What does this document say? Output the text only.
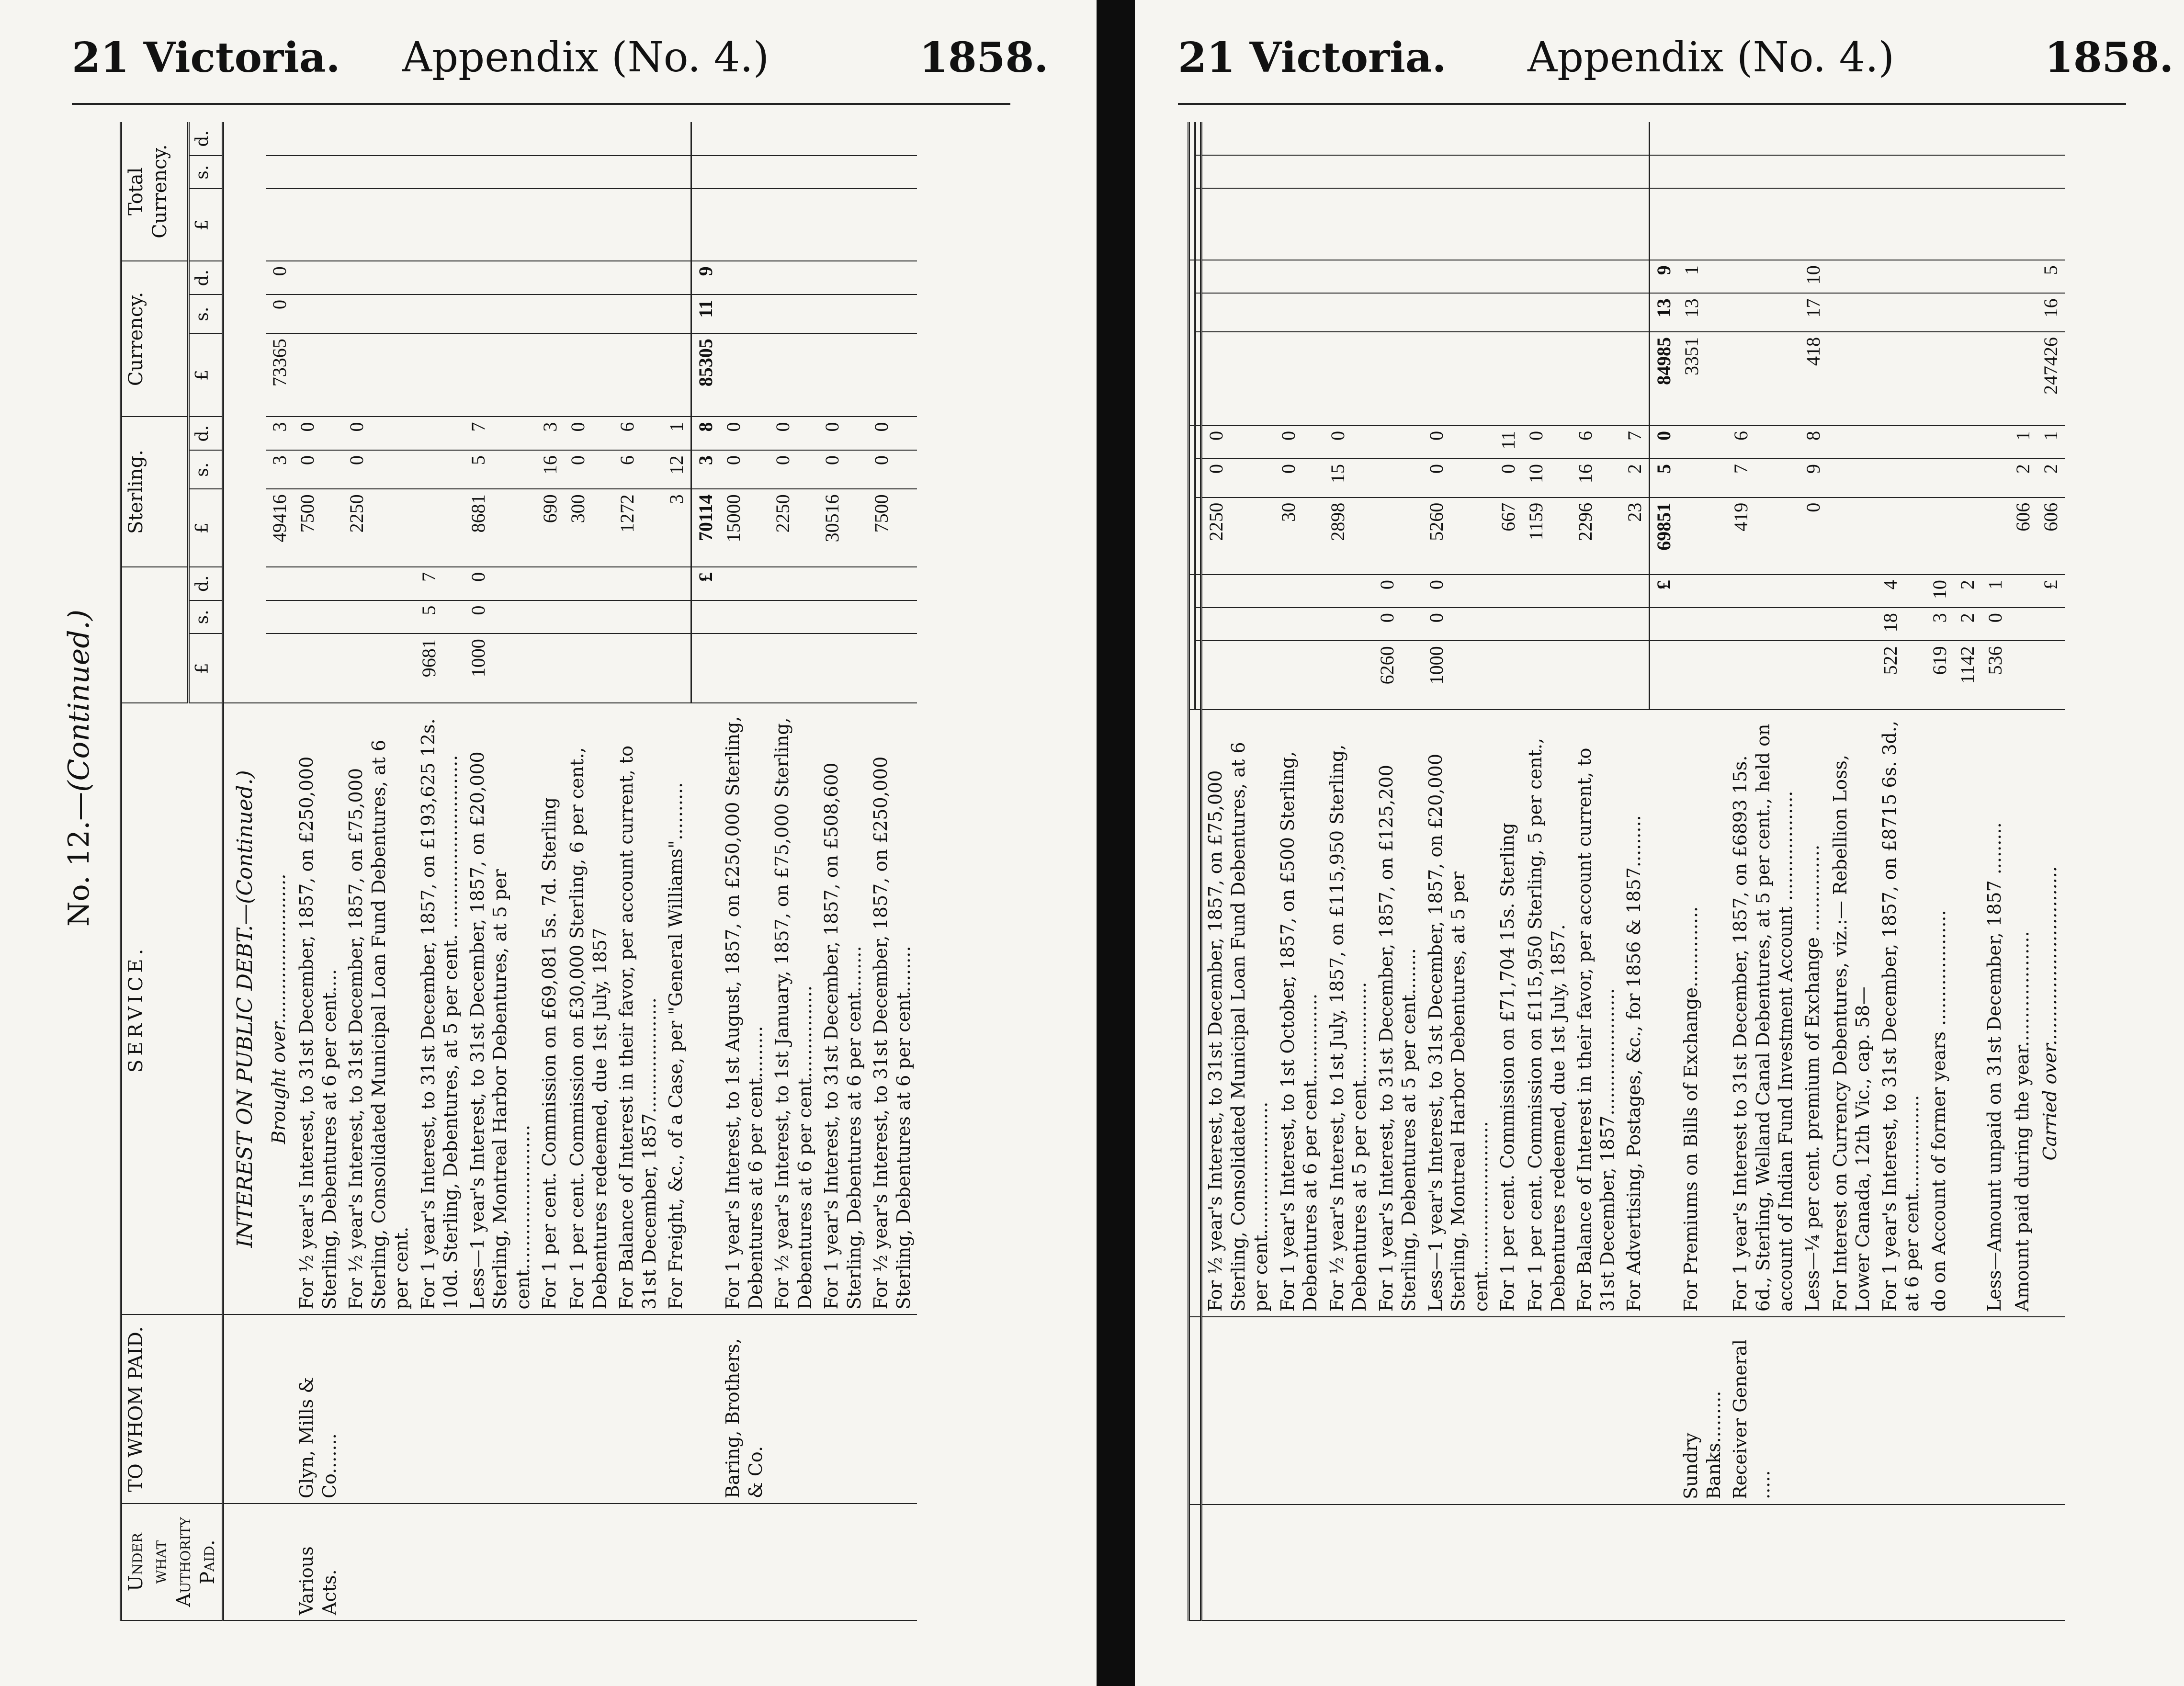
21 Victoria. Appendix (No. 4.)	1858.
No. 12.—(Continued.)
Under what Authority Paid.	TO WHOM PAID.	SERVICE.				Sterling.			Currency.			Total Currency.		
			£	s.	d.	£	s.	d.	£	s.	d.	£	s.	d.
		INTEREST ON PUBLIC DEBT.—(Continued.)												
		Brought over..........................				49416	3	3	73365	0	0			
Various Acts.	Glyn, Mills & Co.......	For ½ year's Interest, to 31st December, 1857, on £250,000 Sterling, Debentures at 6 per cent....				7500	0	0						
		For ½ year's Interest, to 31st December, 1857, on £75,000 Sterling, Consolidated Municipal Loan Fund Debentures, at 6 per cent.				2250	0	0						
		For 1 year's Interest, to 31st December, 1857, on £193,625 12s. 10d. Sterling, Debentures, at 5 per cent. ..............................	9681	5	7									
		Less—1 year's Interest, to 31st December, 1857, on £20,000 Sterling, Montreal Harbor Debentures, at 5 per cent.........................	1000	0	0	8681	5	7						
		For 1 per cent. Commission on £69,081 5s. 7d. Sterling				690	16	3						
		For 1 per cent. Commission on £30,000 Sterling, 6 per cent., Debentures redeemed, due 1st July, 1857				300	0	0						
		For Balance of Interest in their favor, per account current, to 31st December, 1857....................				1272	6	6						
		For Freight, &c., of a Case, per "General Williams"..........				3	12	1						
					£	70114	3	8	85305	11	9			
	Baring, Brothers, & Co.	For 1 year's Interest, to 1st August, 1857, on £250,000 Sterling, Debentures at 6 per cent.........				15000	0	0						
		For ½ year's Interest, to 1st January, 1857, on £75,000 Sterling, Debentures at 6 per cent................				2250	0	0						
		For 1 year's Interest, to 31st December, 1857, on £508,600 Sterling, Debentures at 6 per cent........				30516	0	0						
		For ½ year's Interest, to 31st December, 1857, on £250,000 Sterling, Debentures at 6 per cent........				7500	0	0						
21 Victoria. Appendix (No. 4.)	1858.

		For ½ year's Interest, to 31st December, 1857, on £75,000 Sterling, Consolidated Municipal Loan Fund Debentures, at 6 per cent.......................				2250	0	0						
		For 1 year's Interest, to 1st October, 1857, on £500 Sterling, Debentures at 6 per cent...............				30	0	0						
		For ½ year's Interest, to 1st July, 1857, on £115,950 Sterling, Debentures at 5 per cent.................				2898	15	0						
		For 1 year's Interest, to 31st December, 1857, on £125,200 Sterling, Debentures at 5 per cent........	6260	0	0									
		Less—1 year's Interest, to 31st December, 1857, on £20,000 Sterling, Montreal Harbor Debentures, at 5 per cent..........................	1000	0	0	5260	0	0						
		For 1 per cent. Commission on £71,704 15s. Sterling				667	0	11						
		For 1 per cent. Commission on £115,950 Sterling, 5 per cent., Debentures redeemed, due 1st July, 1857.				1159	10	0						
		For Balance of Interest in their favor, per account current, to 31st December, 1857......................				2296	16	6						
		For Advertising, Postages, &c., for 1856 & 1857.........				23	2	7						
					£	69851	5	0	84985	13	9			
	Sundry Banks.........	For Premiums on Bills of Exchange..............							3351	13	1			
	Receiver General .....	For 1 year's Interest to 31st December, 1857, on £6893 15s. 6d., Sterling, Welland Canal Debentures, at 5 per cent., held on account of Indian Fund Investment Account ...................				419	7	6						
		Less—¼ per cent. premium of Exchange ...............				0	9	8	418	17	10			
		For Interest on Currency Debentures, viz.:— Rebellion Loss, Lower Canada, 12th Vic., cap. 58—												
		For 1 year's Interest, to 31st December, 1857, on £8715 6s. 3d., at 6 per cent.................	522	18	4									
		do on Account of former years ....................	619	3	10									
			1142	2	2									
		Less—Amount unpaid on 31st December, 1857 .........	536	0	1									
		Amount paid during the year....................				606	2	1						
		Carried over...............................			£	606	2	1	247426	16	5			
